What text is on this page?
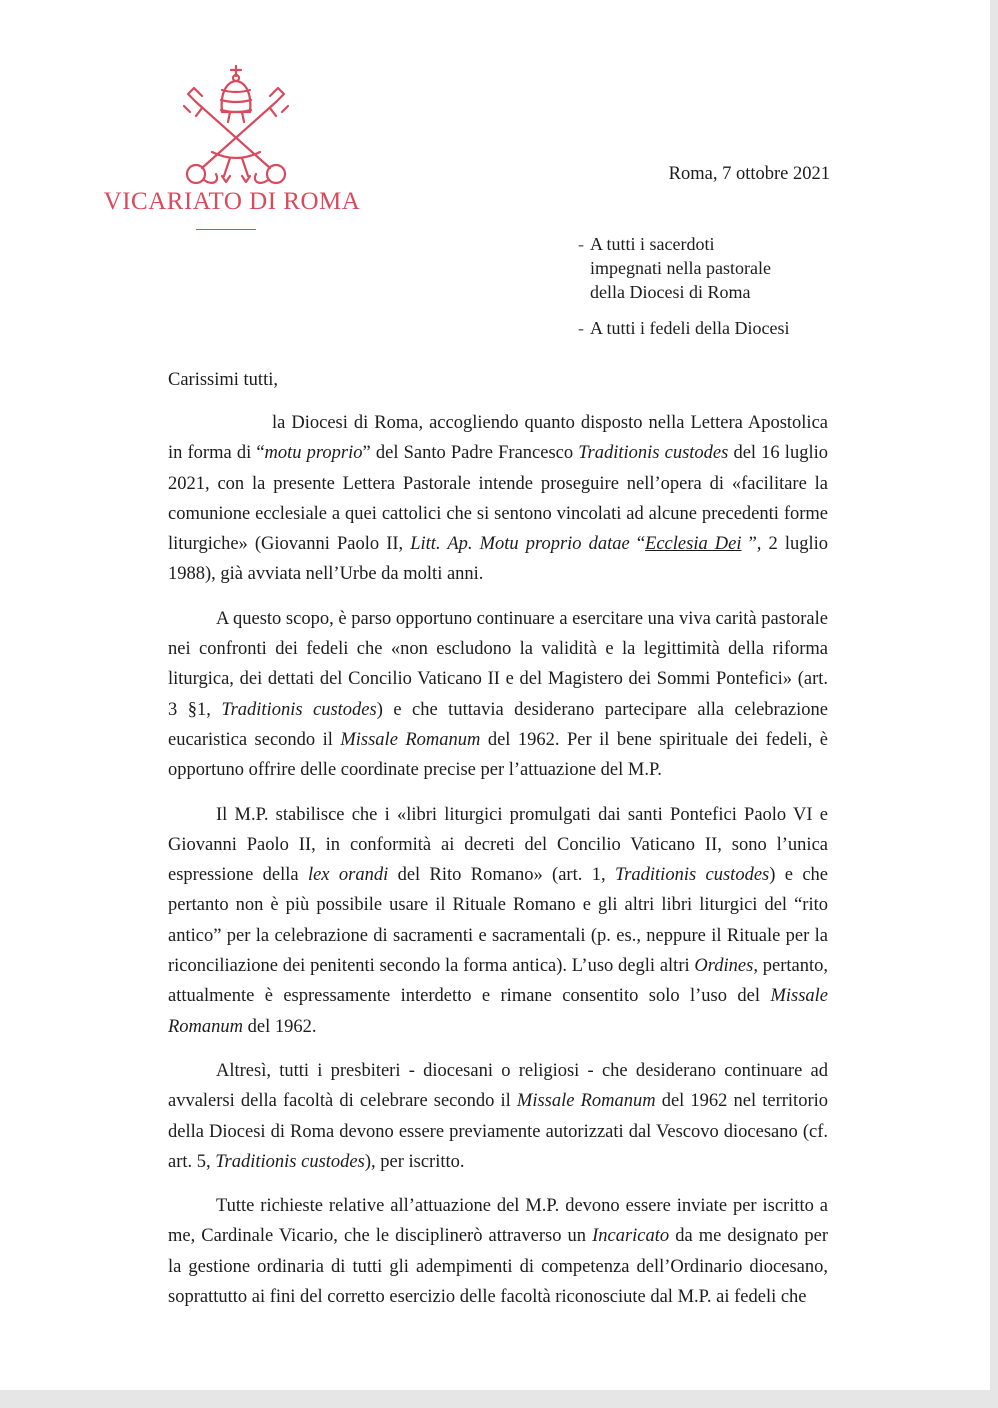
VICARIATO DI ROMA
Roma, 7 ottobre 2021
- A tutti i sacerdoti
impegnati nella pastorale
della Diocesi di Roma
- A tutti i fedeli della Diocesi
Carissimi tutti,

la Diocesi di Roma, accogliendo quanto disposto nella Lettera Apostolica in forma di “motu proprio” del Santo Padre Francesco Traditionis custodes del 16 luglio 2021, con la presente Lettera Pastorale intende proseguire nell’opera di «facilitare la comunione ecclesiale a quei cattolici che si sentono vincolati ad alcune precedenti forme liturgiche» (Giovanni Paolo II, Litt. Ap. Motu proprio datae “Ecclesia Dei ”, 2 luglio 1988), già avviata nell’Urbe da molti anni.

A questo scopo, è parso opportuno continuare a esercitare una viva carità pastorale nei confronti dei fedeli che «non escludono la validità e la legittimità della riforma liturgica, dei dettati del Concilio Vaticano II e del Magistero dei Sommi Pontefici» (art. 3 §1, Traditionis custodes) e che tuttavia desiderano partecipare alla celebrazione eucaristica secondo il Missale Romanum del 1962. Per il bene spirituale dei fedeli, è opportuno offrire delle coordinate precise per l’attuazione del M.P.

Il M.P. stabilisce che i «libri liturgici promulgati dai santi Pontefici Paolo VI e Giovanni Paolo II, in conformità ai decreti del Concilio Vaticano II, sono l’unica espressione della lex orandi del Rito Romano» (art. 1, Traditionis custodes) e che pertanto non è più possibile usare il Rituale Romano e gli altri libri liturgici del “rito antico” per la celebrazione di sacramenti e sacramentali (p. es., neppure il Rituale per la riconciliazione dei penitenti secondo la forma antica). L’uso degli altri Ordines, pertanto, attualmente è espressamente interdetto e rimane consentito solo l’uso del Missale Romanum del 1962.

Altresì, tutti i presbiteri - diocesani o religiosi - che desiderano continuare ad avvalersi della facoltà di celebrare secondo il Missale Romanum del 1962 nel territorio della Diocesi di Roma devono essere previamente autorizzati dal Vescovo diocesano (cf. art. 5, Traditionis custodes), per iscritto.

Tutte richieste relative all’attuazione del M.P. devono essere inviate per iscritto a me, Cardinale Vicario, che le disciplinerò attraverso un Incaricato da me designato per la gestione ordinaria di tutti gli adempimenti di competenza dell’Ordinario diocesano, soprattutto ai fini del corretto esercizio delle facoltà riconosciute dal M.P. ai fedeli che
